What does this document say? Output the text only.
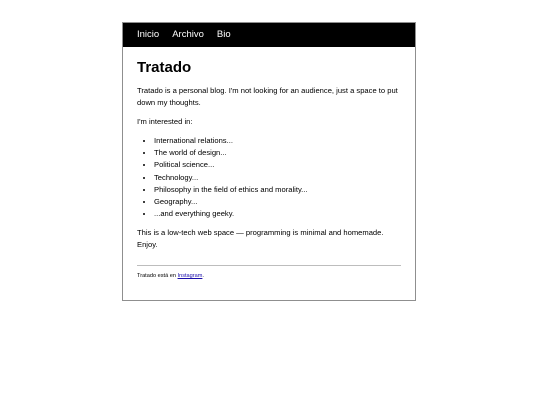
Inicio Archivo Bio
Tratado

Tratado is a personal blog. I'm not looking for an audience, just a space to put down my thoughts.

I'm interested in:

• International relations...
• The world of design...
• Political science...
• Technology...
• Philosophy in the field of ethics and morality...
• Geography...
• ...and everything geeky.

This is a low-tech web space — programming is minimal and homemade. Enjoy.

Tratado está en Instagram.
